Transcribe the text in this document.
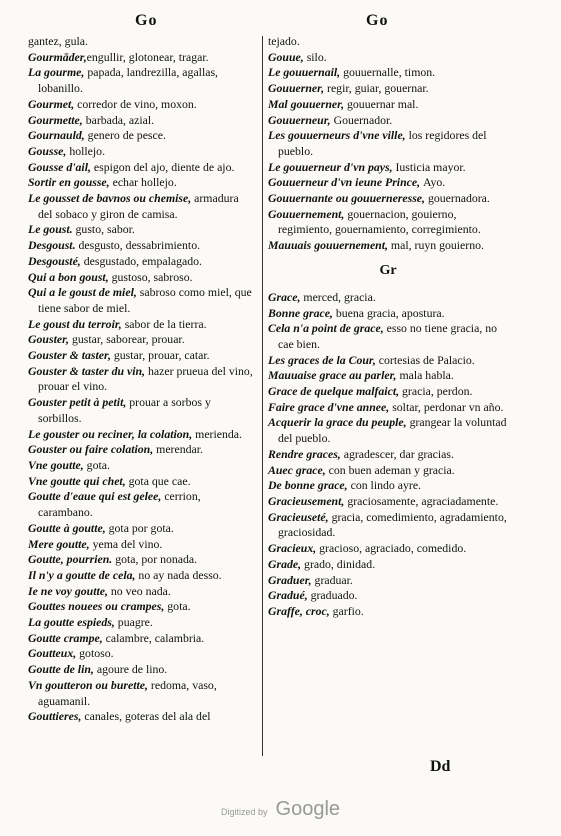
Go	Go

gantez, gula.

Gourmāder,engullir, glotonear, tragar.

La gourme, papada, landrezilla, agallas, lobanillo.

Gourmet, corredor de vino, moxon.

Gourmette, barbada, azial.

Gournauld, genero de pesce.

Gousse, hollejo.

Gousse d'ail, espigon del ajo, diente de ajo.

Sortir en gousse, echar hollejo.

Le gousset de bavnos ou chemise, armadura del sobaco y giron de camisa.

Le goust. gusto, sabor.

Desgoust. desgusto, dessabrimiento.

Desgousté, desgustado, empalagado.

Qui a bon goust, gustoso, sabroso.

Qui a le goust de miel, sabroso como miel, que tiene sabor de miel.

Le goust du terroir, sabor de la tierra.

Gouster, gustar, saborear, prouar.

Gouster & taster, gustar, prouar, catar.

Gouster & taster du vin, hazer prueua del vino, prouar el vino.

Gouster petit à petit, prouar a sorbos y sorbillos.

Le gouster ou reciner, la colation, merienda.

Gouster ou faire colation, merendar.

Vne goutte, gota.

Vne goutte qui chet, gota que cae.

Goutte d'eaue qui est gelee, cerrion, carambano.

Goutte à goutte, gota por gota.

Mere goutte, yema del vino.

Goutte, pourrien. gota, por nonada.

Il n'y a goutte de cela, no ay nada desso.

Ie ne voy goutte, no veo nada.

Gouttes nouees ou crampes, gota.

La goutte espieds, puagre.

Goutte crampe, calambre, calambria.

Goutteux, gotoso.

Goutte de lin, agoure de lino.

Vn goutteron ou burette, redoma, vaso, aguamanil.

Gouttieres, canales, goteras del ala del

tejado.

Gouue, silo.

Le gouuernail, gouuernalle, timon.

Gouuerner, regir, guiar, gouernar.

Mal gouuerner, gouuernar mal.

Gouuerneur, Gouernador.

Les gouuerneurs d'vne ville, los regidores del pueblo.

Le gouuerneur d'vn pays, Iusticia mayor.

Gouuerneur d'vn ieune Prince, Ayo.

Gouuernante ou gouuerneresse, gouernadora.

Gouuernement, gouernacion, gouierno, regimiento, gouernamiento, corregimiento.

Mauuais gouuernement, mal, ruyn gouierno.

Gr

Grace, merced, gracia.

Bonne grace, buena gracia, apostura.

Cela n'a point de grace, esso no tiene gracia, no cae bien.

Les graces de la Cour, cortesias de Palacio.

Mauuaise grace au parler, mala habla.

Grace de quelque malfaict, gracia, perdon.

Faire grace d'vne annee, soltar, perdonar vn año.

Acquerir la grace du peuple, grangear la voluntad del pueblo.

Rendre graces, agradescer, dar gracias.

Auec grace, con buen ademan y gracia.

De bonne grace, con lindo ayre.

Gracieusement, graciosamente, agraciadamente.

Gracieuseté, gracia, comedimiento, agradamiento, graciosidad.

Gracieux, gracioso, agraciado, comedido.

Grade, grado, dinidad.

Graduer, graduar.

Gradué, graduado.

Graffe, croc, garfio.

Dd
Digitized by Google
